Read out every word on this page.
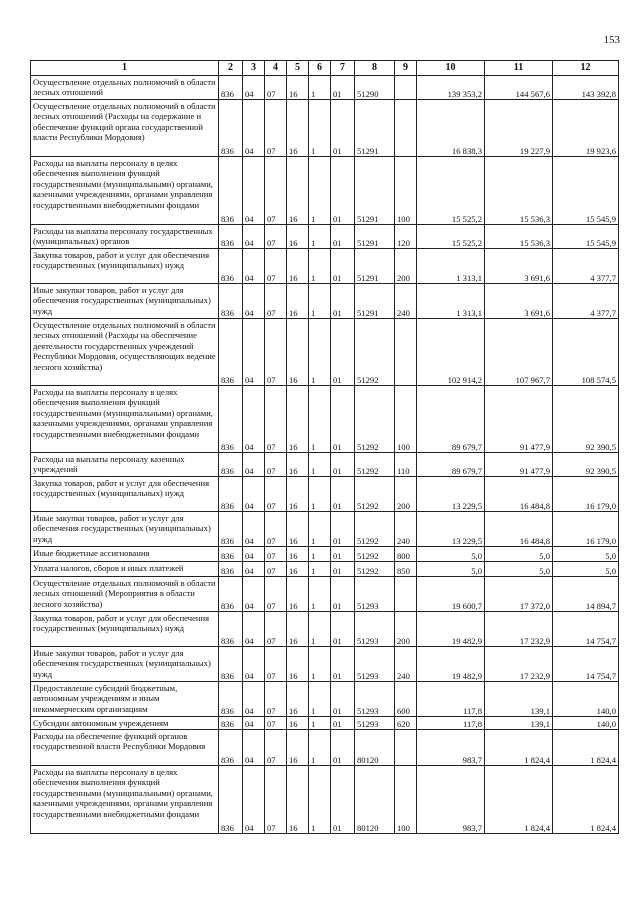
153
1	2	3	4	5	6	7	8	9	10	11	12
Осуществление отдельных полномочий в области лесных отношений	836	04	07	16	1	01	51290		139 353,2	144 567,6	143 392,8
Осуществление отдельных полномочий в области лесных отношений (Расходы на содержание и обеспечение функций органа государственной власти Республики Мордовия)	836	04	07	16	1	01	51291		16 838,3	19 227,9	19 923,6
Расходы на выплаты персоналу в целях обеспечения выполнения функций государственными (муниципальными) органами, казенными учреждениями, органами управления государственными внебюджетными фондами	836	04	07	16	1	01	51291	100	15 525,2	15 536,3	15 545,9
Расходы на выплаты персоналу государственных (муниципальных) органов	836	04	07	16	1	01	51291	120	15 525,2	15 536,3	15 545,9
Закупка товаров, работ и услуг для обеспечения государственных (муниципальных) нужд	836	04	07	16	1	01	51291	200	1 313,1	3 691,6	4 377,7
Иные закупки товаров, работ и услуг для обеспечения государственных (муниципальных) нужд	836	04	07	16	1	01	51291	240	1 313,1	3 691,6	4 377,7
Осуществление отдельных полномочий в области лесных отношений (Расходы на обеспечение деятельности государственных учреждений Республики Мордовия, осуществляющих ведение лесного хозяйства)	836	04	07	16	1	01	51292		102 914,2	107 967,7	108 574,5
Расходы на выплаты персоналу в целях обеспечения выполнения функций государственными (муниципальными) органами, казенными учреждениями, органами управления государственными внебюджетными фондами	836	04	07	16	1	01	51292	100	89 679,7	91 477,9	92 390,5
Расходы на выплаты персоналу казенных учреждений	836	04	07	16	1	01	51292	110	89 679,7	91 477,9	92 390,5
Закупка товаров, работ и услуг для обеспечения государственных (муниципальных) нужд	836	04	07	16	1	01	51292	200	13 229,5	16 484,8	16 179,0
Иные закупки товаров, работ и услуг для обеспечения государственных (муниципальных) нужд	836	04	07	16	1	01	51292	240	13 229,5	16 484,8	16 179,0
Иные бюджетные ассигнования	836	04	07	16	1	01	51292	800	5,0	5,0	5,0
Уплата налогов, сборов и иных платежей	836	04	07	16	1	01	51292	850	5,0	5,0	5,0
Осуществление отдельных полномочий в области лесных отношений (Мероприятия в области лесного хозяйства)	836	04	07	16	1	01	51293		19 600,7	17 372,0	14 894,7
Закупка товаров, работ и услуг для обеспечения государственных (муниципальных) нужд	836	04	07	16	1	01	51293	200	19 482,9	17 232,9	14 754,7
Иные закупки товаров, работ и услуг для обеспечения государственных (муниципальных) нужд	836	04	07	16	1	01	51293	240	19 482,9	17 232,9	14 754,7
Предоставление субсидий бюджетным, автономным учреждениям и иным некоммерческим организациям	836	04	07	16	1	01	51293	600	117,8	139,1	140,0
Субсидии автономным учреждениям	836	04	07	16	1	01	51293	620	117,8	139,1	140,0
Расходы на обеспечение функций органов государственной власти Республики Мордовия	836	04	07	16	1	01	80120		983,7	1 824,4	1 824,4
Расходы на выплаты персоналу в целях обеспечения выполнения функций государственными (муниципальными) органами, казенными учреждениями, органами управления государственными внебюджетными фондами	836	04	07	16	1	01	80120	100	983,7	1 824,4	1 824,4
